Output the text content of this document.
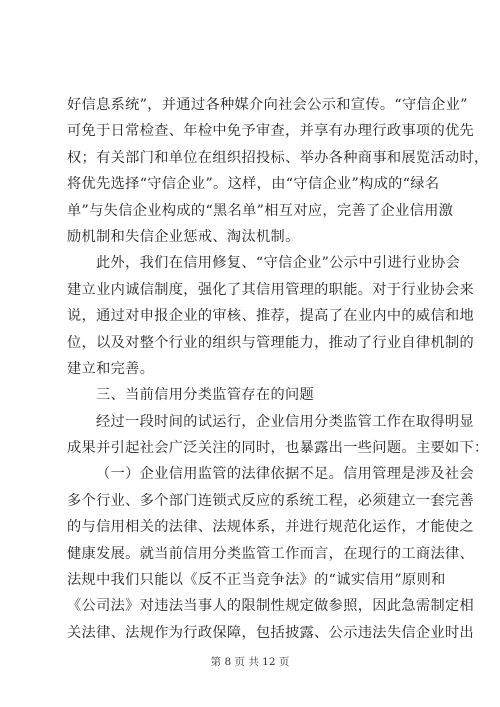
好信息系统”，并通过各种媒介向社会公示和宣传。“守信企业”
可免于日常检查、年检中免予审查，并享有办理行政事项的优先
权；有关部门和单位在组织招投标、举办各种商事和展览活动时，
将优先选择“守信企业”。这样，由“守信企业”构成的“绿名
单”与失信企业构成的“黑名单”相互对应，完善了企业信用激
励机制和失信企业惩戒、淘汰机制。
此外，我们在信用修复、“守信企业”公示中引进行业协会
建立业内诚信制度，强化了其信用管理的职能。对于行业协会来
说，通过对申报企业的审核、推荐，提高了在业内中的威信和地
位，以及对整个行业的组织与管理能力，推动了行业自律机制的
建立和完善。
三、当前信用分类监管存在的问题
经过一段时间的试运行，企业信用分类监管工作在取得明显
成果并引起社会广泛关注的同时，也暴露出一些问题。主要如下：
（一）企业信用监管的法律依据不足。信用管理是涉及社会
多个行业、多个部门连锁式反应的系统工程，必须建立一套完善
的与信用相关的法律、法规体系，并进行规范化运作，才能使之
健康发展。就当前信用分类监管工作而言，在现行的工商法律、
法规中我们只能以《反不正当竞争法》的“诚实信用”原则和
《公司法》对违法当事人的限制性规定做参照，因此急需制定相
关法律、法规作为行政保障，包括披露、公示违法失信企业时出
第 8 页 共 12 页
